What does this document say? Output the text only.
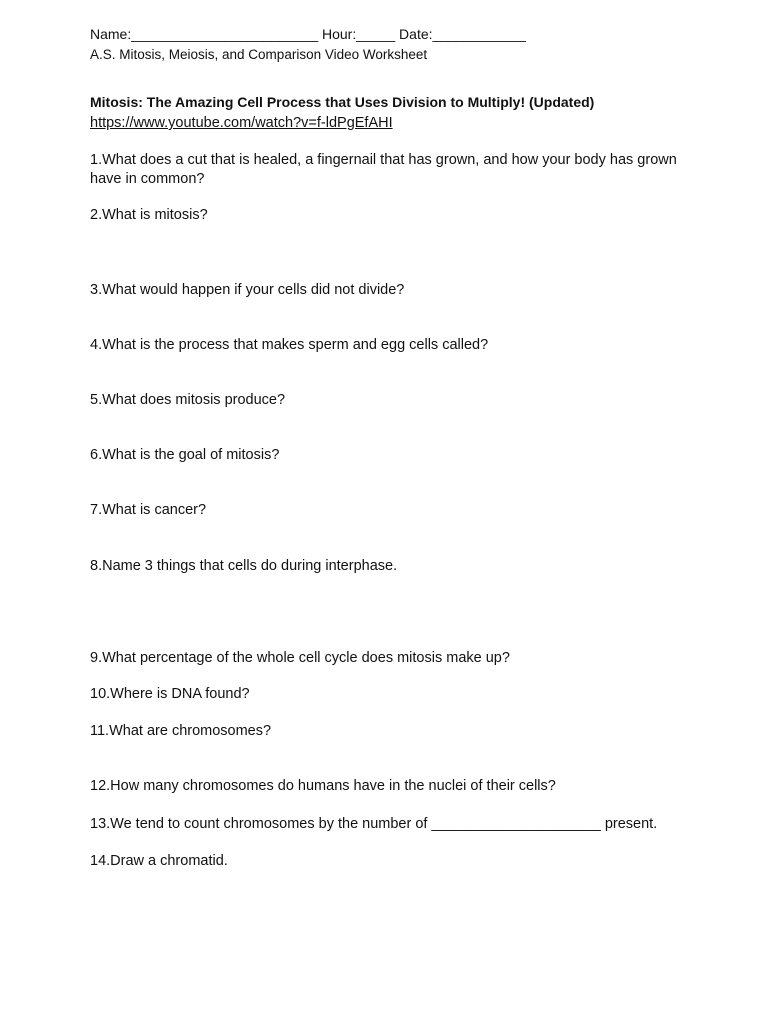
Name:________________________ Hour:_____ Date:____________
A.S. Mitosis, Meiosis, and Comparison Video Worksheet
Mitosis: The Amazing Cell Process that Uses Division to Multiply! (Updated)
https://www.youtube.com/watch?v=f-ldPgEfAHI
1.What does a cut that is healed, a fingernail that has grown, and how your body has grown have in common?
2.What is mitosis?
3.What would happen if your cells did not divide?
4.What is the process that makes sperm and egg cells called?
5.What does mitosis produce?
6.What is the goal of mitosis?
7.What is cancer?
8.Name 3 things that cells do during interphase.
9.What percentage of the whole cell cycle does mitosis make up?
10.Where is DNA found?
11.What are chromosomes?
12.How many chromosomes do humans have in the nuclei of their cells?
13.We tend to count chromosomes by the number of _____________________ present.
14.Draw a chromatid.
